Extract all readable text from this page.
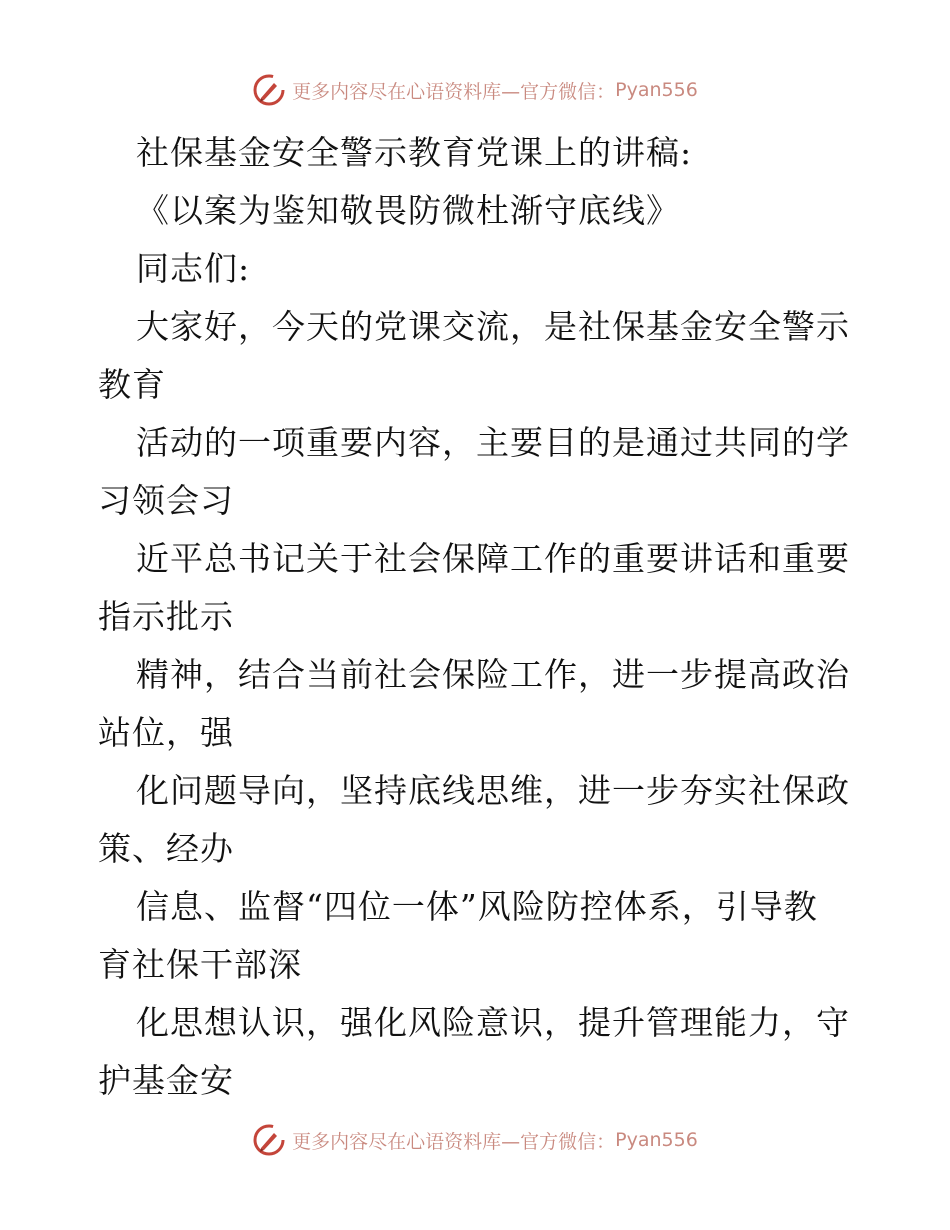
更多内容尽在心语资料库—官方微信： Pyan556
社保基金安全警示教育党课上的讲稿:
《以案为鉴知敬畏防微杜渐守底线》
同志们:
大家好，今天的党课交流，是社保基金安全警示
教育
活动的一项重要内容，主要目的是通过共同的学
习领会习
近平总书记关于社会保障工作的重要讲话和重要
指示批示
精神，结合当前社会保险工作，进一步提高政治
站位，强
化问题导向，坚持底线思维，进一步夯实社保政
策、经办
信息、监督“四位一体”风险防控体系，引导教
育社保干部深
化思想认识，强化风险意识，提升管理能力，守
护基金安
更多内容尽在心语资料库—官方微信： Pyan556
